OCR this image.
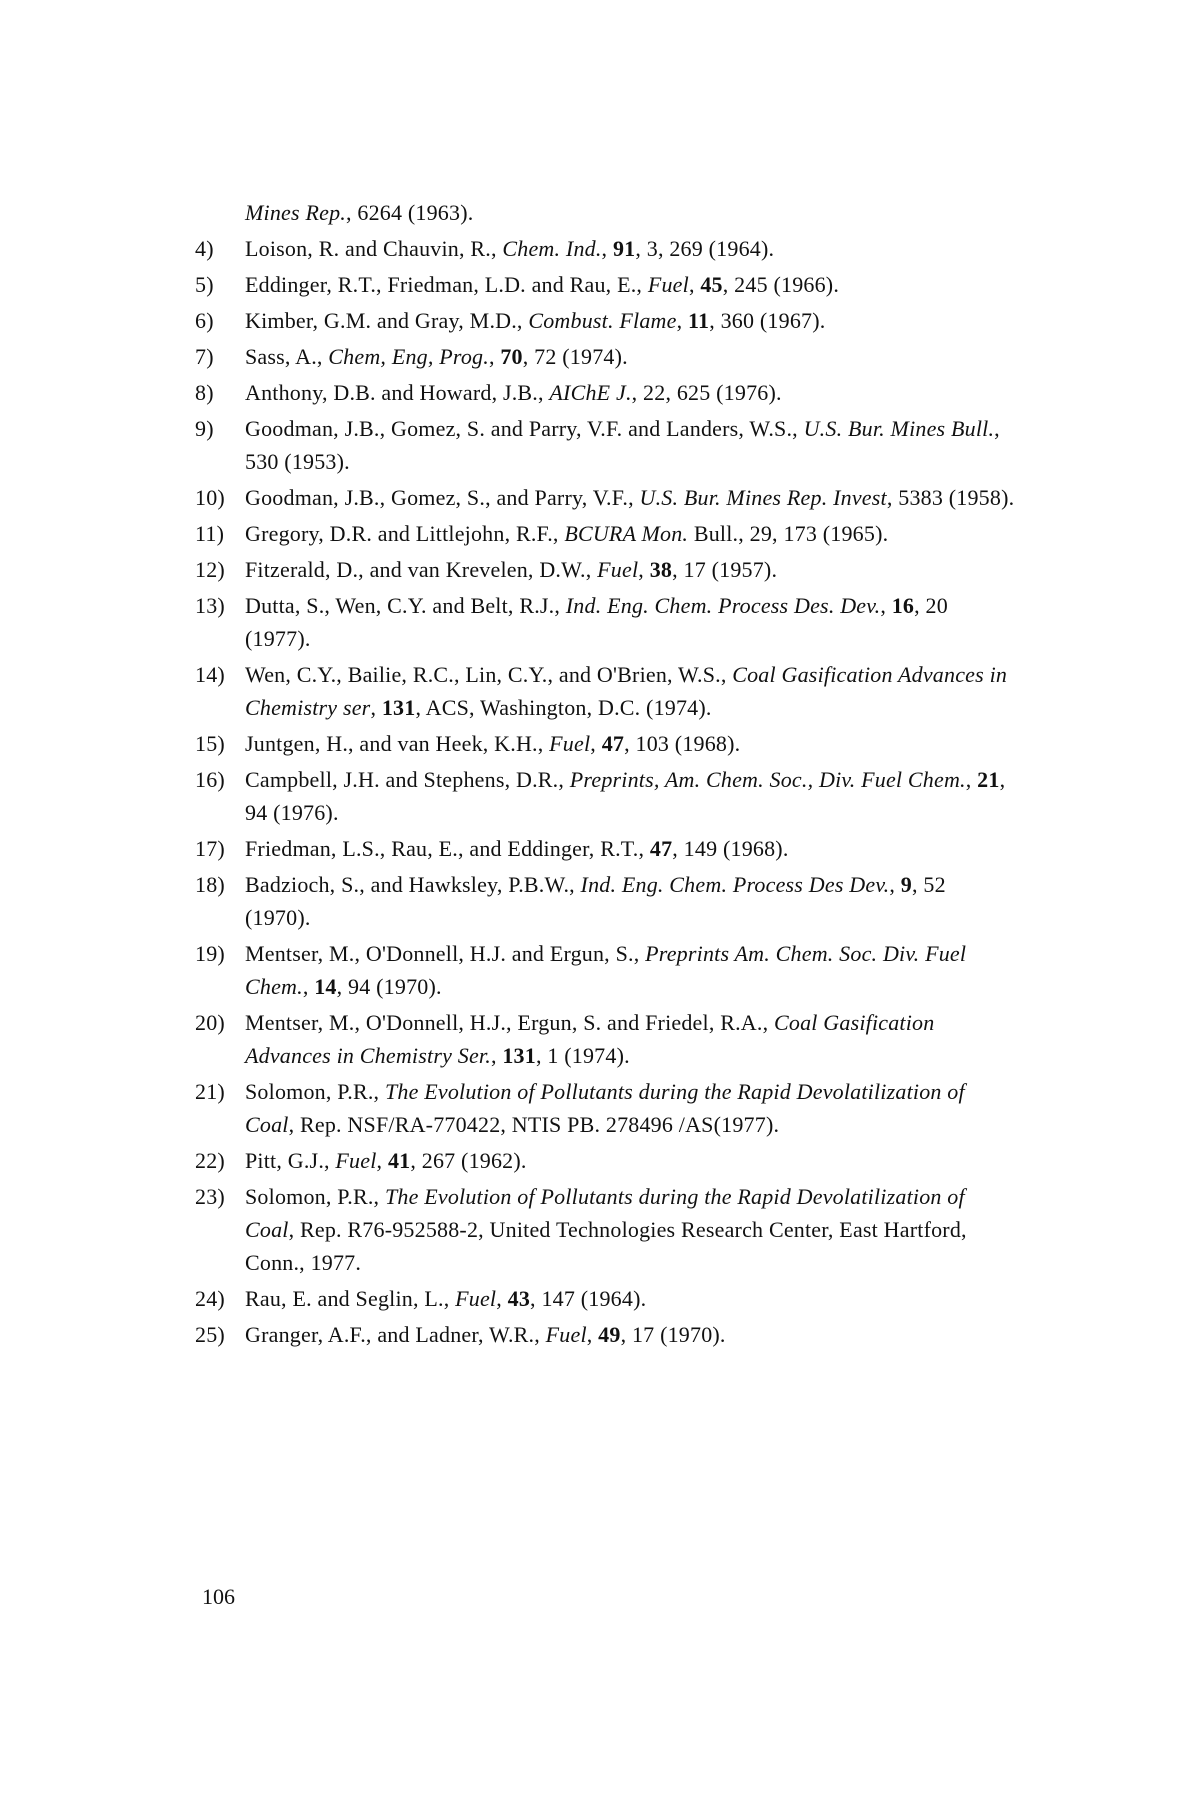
Mines Rep., 6264 (1963).
4)	Loison, R. and Chauvin, R., Chem. Ind., 91, 3, 269 (1964).
5)	Eddinger, R.T., Friedman, L.D. and Rau, E., Fuel, 45, 245 (1966).
6)	Kimber, G.M. and Gray, M.D., Combust. Flame, 11, 360 (1967).
7)	Sass, A., Chem, Eng, Prog., 70, 72 (1974).
8)	Anthony, D.B. and Howard, J.B., AIChE J., 22, 625 (1976).
9)	Goodman, J.B., Gomez, S. and Parry, V.F. and Landers, W.S., U.S. Bur. Mines Bull., 530 (1953).
10) Goodman, J.B., Gomez, S., and Parry, V.F., U.S. Bur. Mines Rep. Invest, 5383 (1958).
11) Gregory, D.R. and Littlejohn, R.F., BCURA Mon. Bull., 29, 173 (1965).
12) Fitzerald, D., and van Krevelen, D.W., Fuel, 38, 17 (1957).
13) Dutta, S., Wen, C.Y. and Belt, R.J., Ind. Eng. Chem. Process Des. Dev., 16, 20 (1977).
14) Wen, C.Y., Bailie, R.C., Lin, C.Y., and O'Brien, W.S., Coal Gasification Advances in Chemistry ser, 131, ACS, Washington, D.C. (1974).
15) Juntgen, H., and van Heek, K.H., Fuel, 47, 103 (1968).
16) Campbell, J.H. and Stephens, D.R., Preprints, Am. Chem. Soc., Div. Fuel Chem., 21, 94 (1976).
17) Friedman, L.S., Rau, E., and Eddinger, R.T., 47, 149 (1968).
18) Badzioch, S., and Hawksley, P.B.W., Ind. Eng. Chem. Process Des Dev., 9, 52 (1970).
19) Mentser, M., O'Donnell, H.J. and Ergun, S., Preprints Am. Chem. Soc. Div. Fuel Chem., 14, 94 (1970).
20) Mentser, M., O'Donnell, H.J., Ergun, S. and Friedel, R.A., Coal Gasification Advances in Chemistry Ser., 131, 1 (1974).
21) Solomon, P.R., The Evolution of Pollutants during the Rapid Devolatilization of Coal, Rep. NSF/RA-770422, NTIS PB. 278496 /AS(1977).
22) Pitt, G.J., Fuel, 41, 267 (1962).
23) Solomon, P.R., The Evolution of Pollutants during the Rapid Devolatilization of Coal, Rep. R76-952588-2, United Technologies Research Center, East Hartford, Conn., 1977.
24) Rau, E. and Seglin, L., Fuel, 43, 147 (1964).
25) Granger, A.F., and Ladner, W.R., Fuel, 49, 17 (1970).
106
